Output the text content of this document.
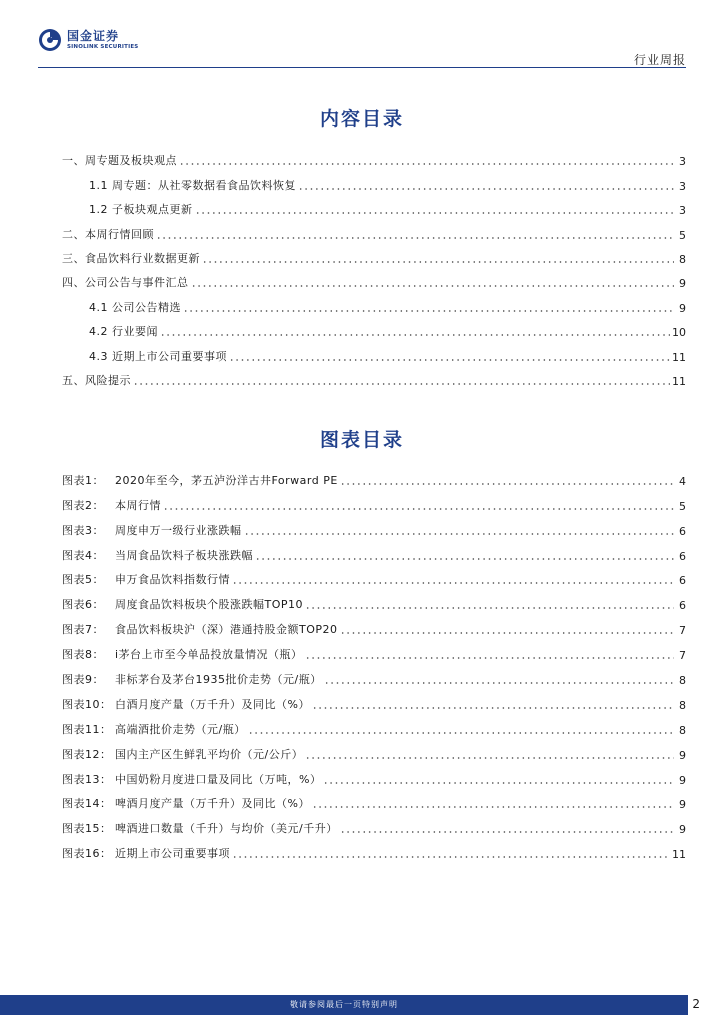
国金证券
SINOLINK SECURITIES
行业周报
内容目录
一、周专题及板块观点	3
1.1 周专题：从社零数据看食品饮料恢复	3
1.2 子板块观点更新	3
二、本周行情回顾	5
三、食品饮料行业数据更新	8
四、公司公告与事件汇总	9
4.1 公司公告精选	9
4.2 行业要闻	10
4.3 近期上市公司重要事项	11
五、风险提示	11
图表目录
图表1： 2020年至今，茅五泸汾洋古井Forward PE	4
图表2： 本周行情	5
图表3： 周度申万一级行业涨跌幅	6
图表4： 当周食品饮料子板块涨跌幅	6
图表5： 申万食品饮料指数行情	6
图表6： 周度食品饮料板块个股涨跌幅TOP10	6
图表7： 食品饮料板块沪（深）港通持股金额TOP20	7
图表8： i茅台上市至今单品投放量情况（瓶）	7
图表9： 非标茅台及茅台1935批价走势（元/瓶）	8
图表10： 白酒月度产量（万千升）及同比（%）	8
图表11： 高端酒批价走势（元/瓶）	8
图表12： 国内主产区生鲜乳平均价（元/公斤）	9
图表13： 中国奶粉月度进口量及同比（万吨，%）	9
图表14： 啤酒月度产量（万千升）及同比（%）	9
图表15： 啤酒进口数量（千升）与均价（美元/千升）	9
图表16： 近期上市公司重要事项	11
敬请参阅最后一页特别声明	2
